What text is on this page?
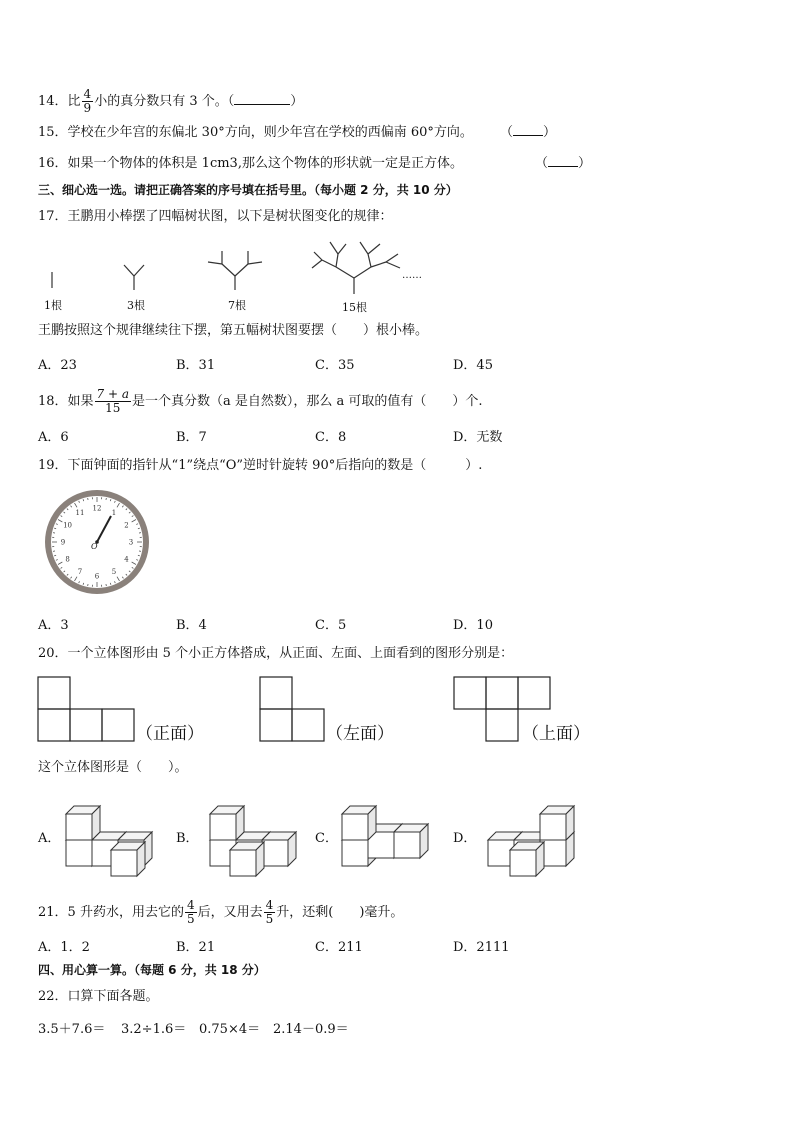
14．比 $\frac{4}{9}$ 小的真分数只有 3 个。（	）
15．学校在少年宫的东偏北 30°方向，则少年宫在学校的西偏南 60°方向。 （ ）
16．如果一个物体的体积是 1cm3,那么这个物体的形状就一定是正方体。	（ ）
三、细心选一选。请把正确答案的序号填在括号里。（每小题 2 分，共 10 分）
17．王鹏用小棒摆了四幅树状图，以下是树状图变化的规律：
1根	3根	7根	15根
……
王鹏按照这个规律继续往下摆，第五幅树状图要摆（　　）根小棒。
A．23	B．31	C．35	D．45
18．如果 $\frac{7 + a}{15}$ 是一个真分数（a 是自然数），那么 a 可取的值有（　　）个.
A．6	B．7	C．8	D．无数
19．下面钟面的指针从“1”绕点“O”逆时针旋转 90°后指向的数是（　　　）.
12
1
2
3
4
5
6
7
8
9
10
11
O
A．3	B．4	C．5	D．10
20．一个立体图形由 5 个小正方体搭成，从正面、左面、上面看到的图形分别是：
（正面）	（左面）	（上面）
这个立体图形是（　　）。
A．	B．	C．	D．
21．5 升药水，用去它的 $\frac{4}{5}$ 后，又用去 $\frac{4}{5}$ 升，还剩(　　)毫升。
A．1．2	B．21	C．211	D．2111
四、用心算一算。（每题 6 分，共 18 分）
22．口算下面各题。
3.5＋7.6＝ 3.2÷1.6＝ 0.75×4＝ 2.14－0.9＝
